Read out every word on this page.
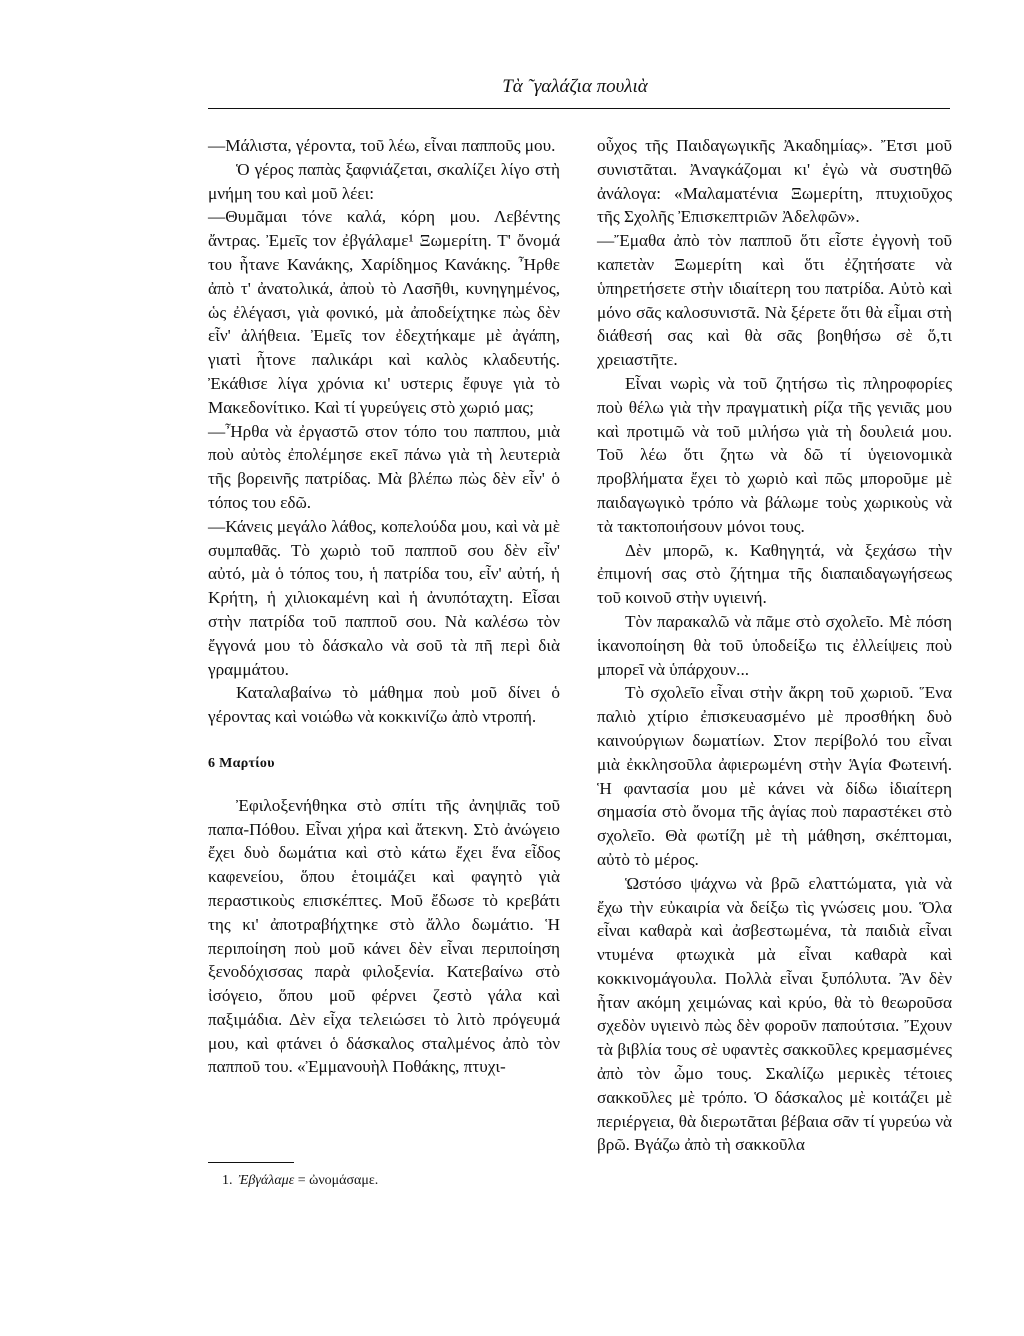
Τὰ ˜γαλάζια πουλιὰ

—Μάλιστα, γέροντα, τοῦ λέω, εἶναι παπποῦς μου.

Ὁ γέρος παπὰς ξαφνιάζεται, σκαλίζει λίγο στὴ μνήμη του καὶ μοῦ λέει:

—Θυμᾶμαι τόνε καλά, κόρη μου. Λεβέντης ἄντρας. Ἐμεῖς τον ἐβγάλαμε¹ Ξωμερίτη. Τ' ὄνομά του ἦτανε Κανάκης, Χαρίδημος Κανάκης. Ἦρθε ἀπὸ τ' ἀνατολικά, ἀποὺ τὸ Λασῆθι, κυνηγημένος, ὡς ἐλέγασι, γιὰ φονικό, μὰ ἀποδείχτηκε πὼς δὲν εἶν' ἀλήθεια. Ἐμεῖς τον ἐδεχτήκαμε μὲ ἀγάπη, γιατὶ ἦτονε παλικάρι καὶ καλὸς κλαδευτής. Ἐκάθισε λίγα χρόνια κι' υστερις ἔφυγε γιὰ τὸ Μακεδονίτικο. Καὶ τί γυρεύγεις στὸ χωριό μας;

—Ἦρθα νὰ ἐργαστῶ στον τόπο του παππου, μιὰ ποὺ αὐτὸς ἐπολέμησε εκεῖ πάνω γιὰ τὴ λευτεριὰ τῆς βορεινῆς πατρίδας. Μὰ βλέπω πὼς δὲν εἶν' ὁ τόπος του εδῶ.

—Κάνεις μεγάλο λάθος, κοπελούδα μου, καὶ νὰ μὲ συμπαθᾶς. Τὸ χωριὸ τοῦ παπποῦ σου δὲν εἶν' αὐτό, μὰ ὁ τόπος του, ἡ πατρίδα του, εἶν' αὐτή, ἡ Κρήτη, ἡ χιλιοκαμένη καὶ ἡ ἀνυπόταχτη. Εἶσαι στὴν πατρίδα τοῦ παπποῦ σου. Νὰ καλέσω τὸν ἔγγονά μου τὸ δάσκαλο νὰ σοῦ τὰ πῆ περὶ διὰ γραμμάτου.

Καταλαβαίνω τὸ μάθημα ποὺ μοῦ δίνει ὁ γέροντας καὶ νοιώθω νὰ κοκκινίζω ἀπὸ ντροπή.

6 Μαρτίου

Ἐφιλοξενήθηκα στὸ σπίτι τῆς ἀνηψιᾶς τοῦ παπα-Πόθου. Εἶναι χήρα καὶ ἄτεκνη. Στὸ ἀνώγειο ἔχει δυὸ δωμάτια καὶ στὸ κάτω ἔχει ἕνα εἶδος καφενείου, ὅπου ἑτοιμάζει καὶ φαγητὸ γιὰ περαστικοὺς επισκέπτες. Μοῦ ἔδωσε τὸ κρεβάτι της κι' ἀποτραβήχτηκε στὸ ἄλλο δωμάτιο. Ἡ περιποίηση ποὺ μοῦ κάνει δὲν εἶναι περιποίηση ξενοδόχισσας παρὰ φιλοξενία. Κατεβαίνω στὸ ἰσόγειο, ὅπου μοῦ φέρνει ζεστὸ γάλα καὶ παξιμάδια. Δὲν εἶχα τελειώσει τὸ λιτὸ πρόγευμά μου, καὶ φτάνει ὁ δάσκαλος σταλμένος ἀπὸ τὸν παπποῦ του. «Ἐμμανουὴλ Ποθάκης, πτυχι-

οὖχος τῆς Παιδαγωγικῆς Ἀκαδημίας». Ἔτσι μοῦ συνιστᾶται. Ἀναγκάζομαι κι' ἐγὼ νὰ συστηθῶ ἀνάλογα: «Μαλαματένια Ξωμερίτη, πτυχιοῦχος τῆς Σχολῆς Ἐπισκεπτριῶν Ἀδελφῶν».

—Ἔμαθα ἀπὸ τὸν παπποῦ ὅτι εἶστε ἐγγονὴ τοῦ καπετὰν Ξωμερίτη καὶ ὅτι ἐζητήσατε νὰ ὑπηρετήσετε στὴν ιδιαίτερη του πατρίδα. Αὐτὸ καὶ μόνο σᾶς καλοσυνιστᾶ. Νὰ ξέρετε ὅτι θὰ εἶμαι στὴ διάθεσή σας καὶ θὰ σᾶς βοηθήσω σὲ ὅ,τι χρειαστῆτε.

Εἶναι νωρὶς νὰ τοῦ ζητήσω τὶς πληροφορίες ποὺ θέλω γιὰ τὴν πραγματικὴ ρίζα τῆς γενιᾶς μου καὶ προτιμῶ νὰ τοῦ μιλήσω γιὰ τὴ δουλειά μου. Τοῦ λέω ὅτι ζητω νὰ δῶ τί ὑγειονομικὰ προβλήματα ἔχει τὸ χωριὸ καὶ πῶς μποροῦμε μὲ παιδαγωγικὸ τρόπο νὰ βάλωμε τοὺς χωρικοὺς νὰ τὰ τακτοποιήσουν μόνοι τους.

Δὲν μπορῶ, κ. Καθηγητά, νὰ ξεχάσω τὴν ἐπιμονή σας στὸ ζήτημα τῆς διαπαιδαγωγήσεως τοῦ κοινοῦ στὴν υγιεινή.

Τὸν παρακαλῶ νὰ πᾶμε στὸ σχολεῖο. Μὲ πόση ἱκανοποίηση θὰ τοῦ ὑποδείξω τις ἐλλείψεις ποὺ μπορεῖ νὰ ὑπάρχουν...

Τὸ σχολεῖο εἶναι στὴν ἄκρη τοῦ χωριοῦ. Ἕνα παλιὸ χτίριο ἐπισκευασμένο μὲ προσθήκη δυὸ καινούργιων δωματίων. Στον περίβολό του εἶναι μιὰ ἐκκλησοῦλα ἀφιερωμένη στὴν Ἁγία Φωτεινή. Ἡ φαντασία μου μὲ κάνει νὰ δίδω ἰδιαίτερη σημασία στὸ ὄνομα τῆς ἁγίας ποὺ παραστέκει στὸ σχολεῖο. Θὰ φωτίζη μὲ τὴ μάθηση, σκέπτομαι, αὐτὸ τὸ μέρος.

Ὡστόσο ψάχνω νὰ βρῶ ελαττώματα, γιὰ νὰ ἔχω τὴν εὐκαιρία νὰ δείξω τὶς γνώσεις μου. Ὅλα εἶναι καθαρὰ καὶ ἀσβεστωμένα, τὰ παιδιὰ εἶναι ντυμένα φτωχικὰ μὰ εἶναι καθαρὰ καὶ κοκκινομάγουλα. Πολλὰ εἶναι ξυπόλυτα. Ἂν δὲν ἦταν ακόμη χειμώνας καὶ κρύο, θὰ τὸ θεωροῦσα σχεδὸν υγιεινὸ πὼς δὲν φοροῦν παπούτσια. Ἔχουν τὰ βιβλία τους σὲ υφαντὲς σακκοῦλες κρεμασμένες ἀπὸ τὸν ὦμο τους. Σκαλίζω μερικὲς τέτοιες σακκοῦλες μὲ τρόπο. Ὁ δάσκαλος μὲ κοιτάζει μὲ περιέργεια, θὰ διερωτᾶται βέβαια σᾶν τί γυρεύω νὰ βρῶ. Βγάζω ἀπὸ τὴ σακκοῦλα

1. Ἐβγάλαμε = ὠνομάσαμε.
